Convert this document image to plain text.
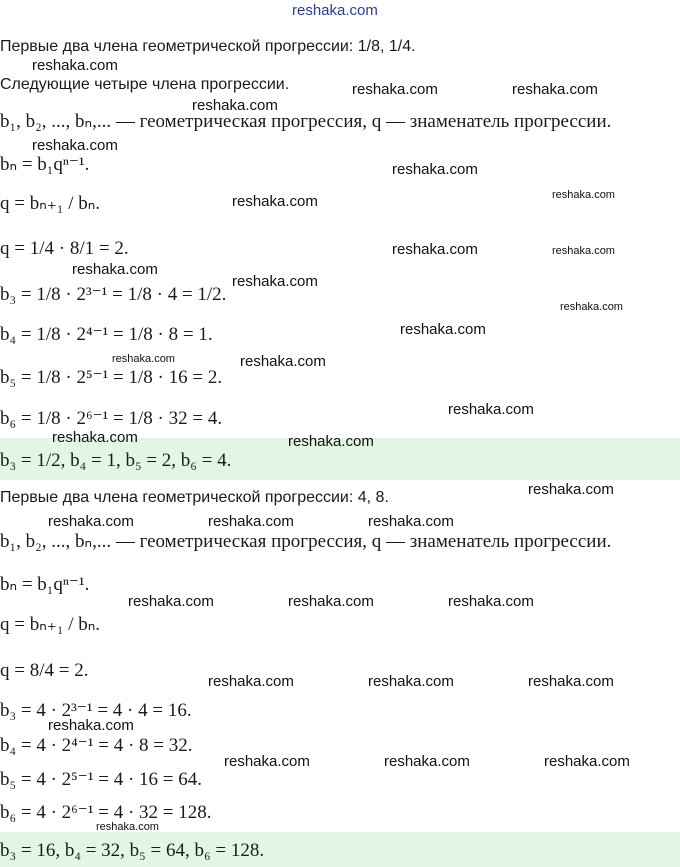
reshaka.com
Первые два члена геометрической прогрессии: 1/8, 1/4.
Следующие четыре члена прогрессии.
b₁, b₂, ..., bₙ,... — геометрическая прогрессия, q — знаменатель прогрессии.
bₙ = b₁qⁿ⁻¹.
q = bₙ₊₁ / bₙ.
q = 1/4 · 8/1 = 2.
b₃ = 1/8 · 2³⁻¹ = 1/8 · 4 = 1/2.
b₄ = 1/8 · 2⁴⁻¹ = 1/8 · 8 = 1.
b₅ = 1/8 · 2⁵⁻¹ = 1/8 · 16 = 2.
b₆ = 1/8 · 2⁶⁻¹ = 1/8 · 32 = 4.
b₃ = 1/2, b₄ = 1, b₅ = 2, b₆ = 4.
Первые два члена геометрической прогрессии: 4, 8.
b₁, b₂, ..., bₙ,... — геометрическая прогрессия, q — знаменатель прогрессии.
bₙ = b₁qⁿ⁻¹.
q = bₙ₊₁ / bₙ.
q = 8/4 = 2.
b₃ = 4 · 2³⁻¹ = 4 · 4 = 16.
b₄ = 4 · 2⁴⁻¹ = 4 · 8 = 32.
b₅ = 4 · 2⁵⁻¹ = 4 · 16 = 64.
b₆ = 4 · 2⁶⁻¹ = 4 · 32 = 128.
b₃ = 16, b₄ = 32, b₅ = 64, b₆ = 128.
reshaka.com
reshaka.com	reshaka.com
reshaka.com
reshaka.com
reshaka.com
reshaka.com	reshaka.com
reshaka.com	reshaka.com
reshaka.com
reshaka.com
reshaka.com
reshaka.com
reshaka.com	reshaka.com
reshaka.com
reshaka.com	reshaka.com
reshaka.com
reshaka.com	reshaka.com	reshaka.com
reshaka.com	reshaka.com	reshaka.com
reshaka.com	reshaka.com	reshaka.com
reshaka.com
reshaka.com	reshaka.com	reshaka.com
reshaka.com
